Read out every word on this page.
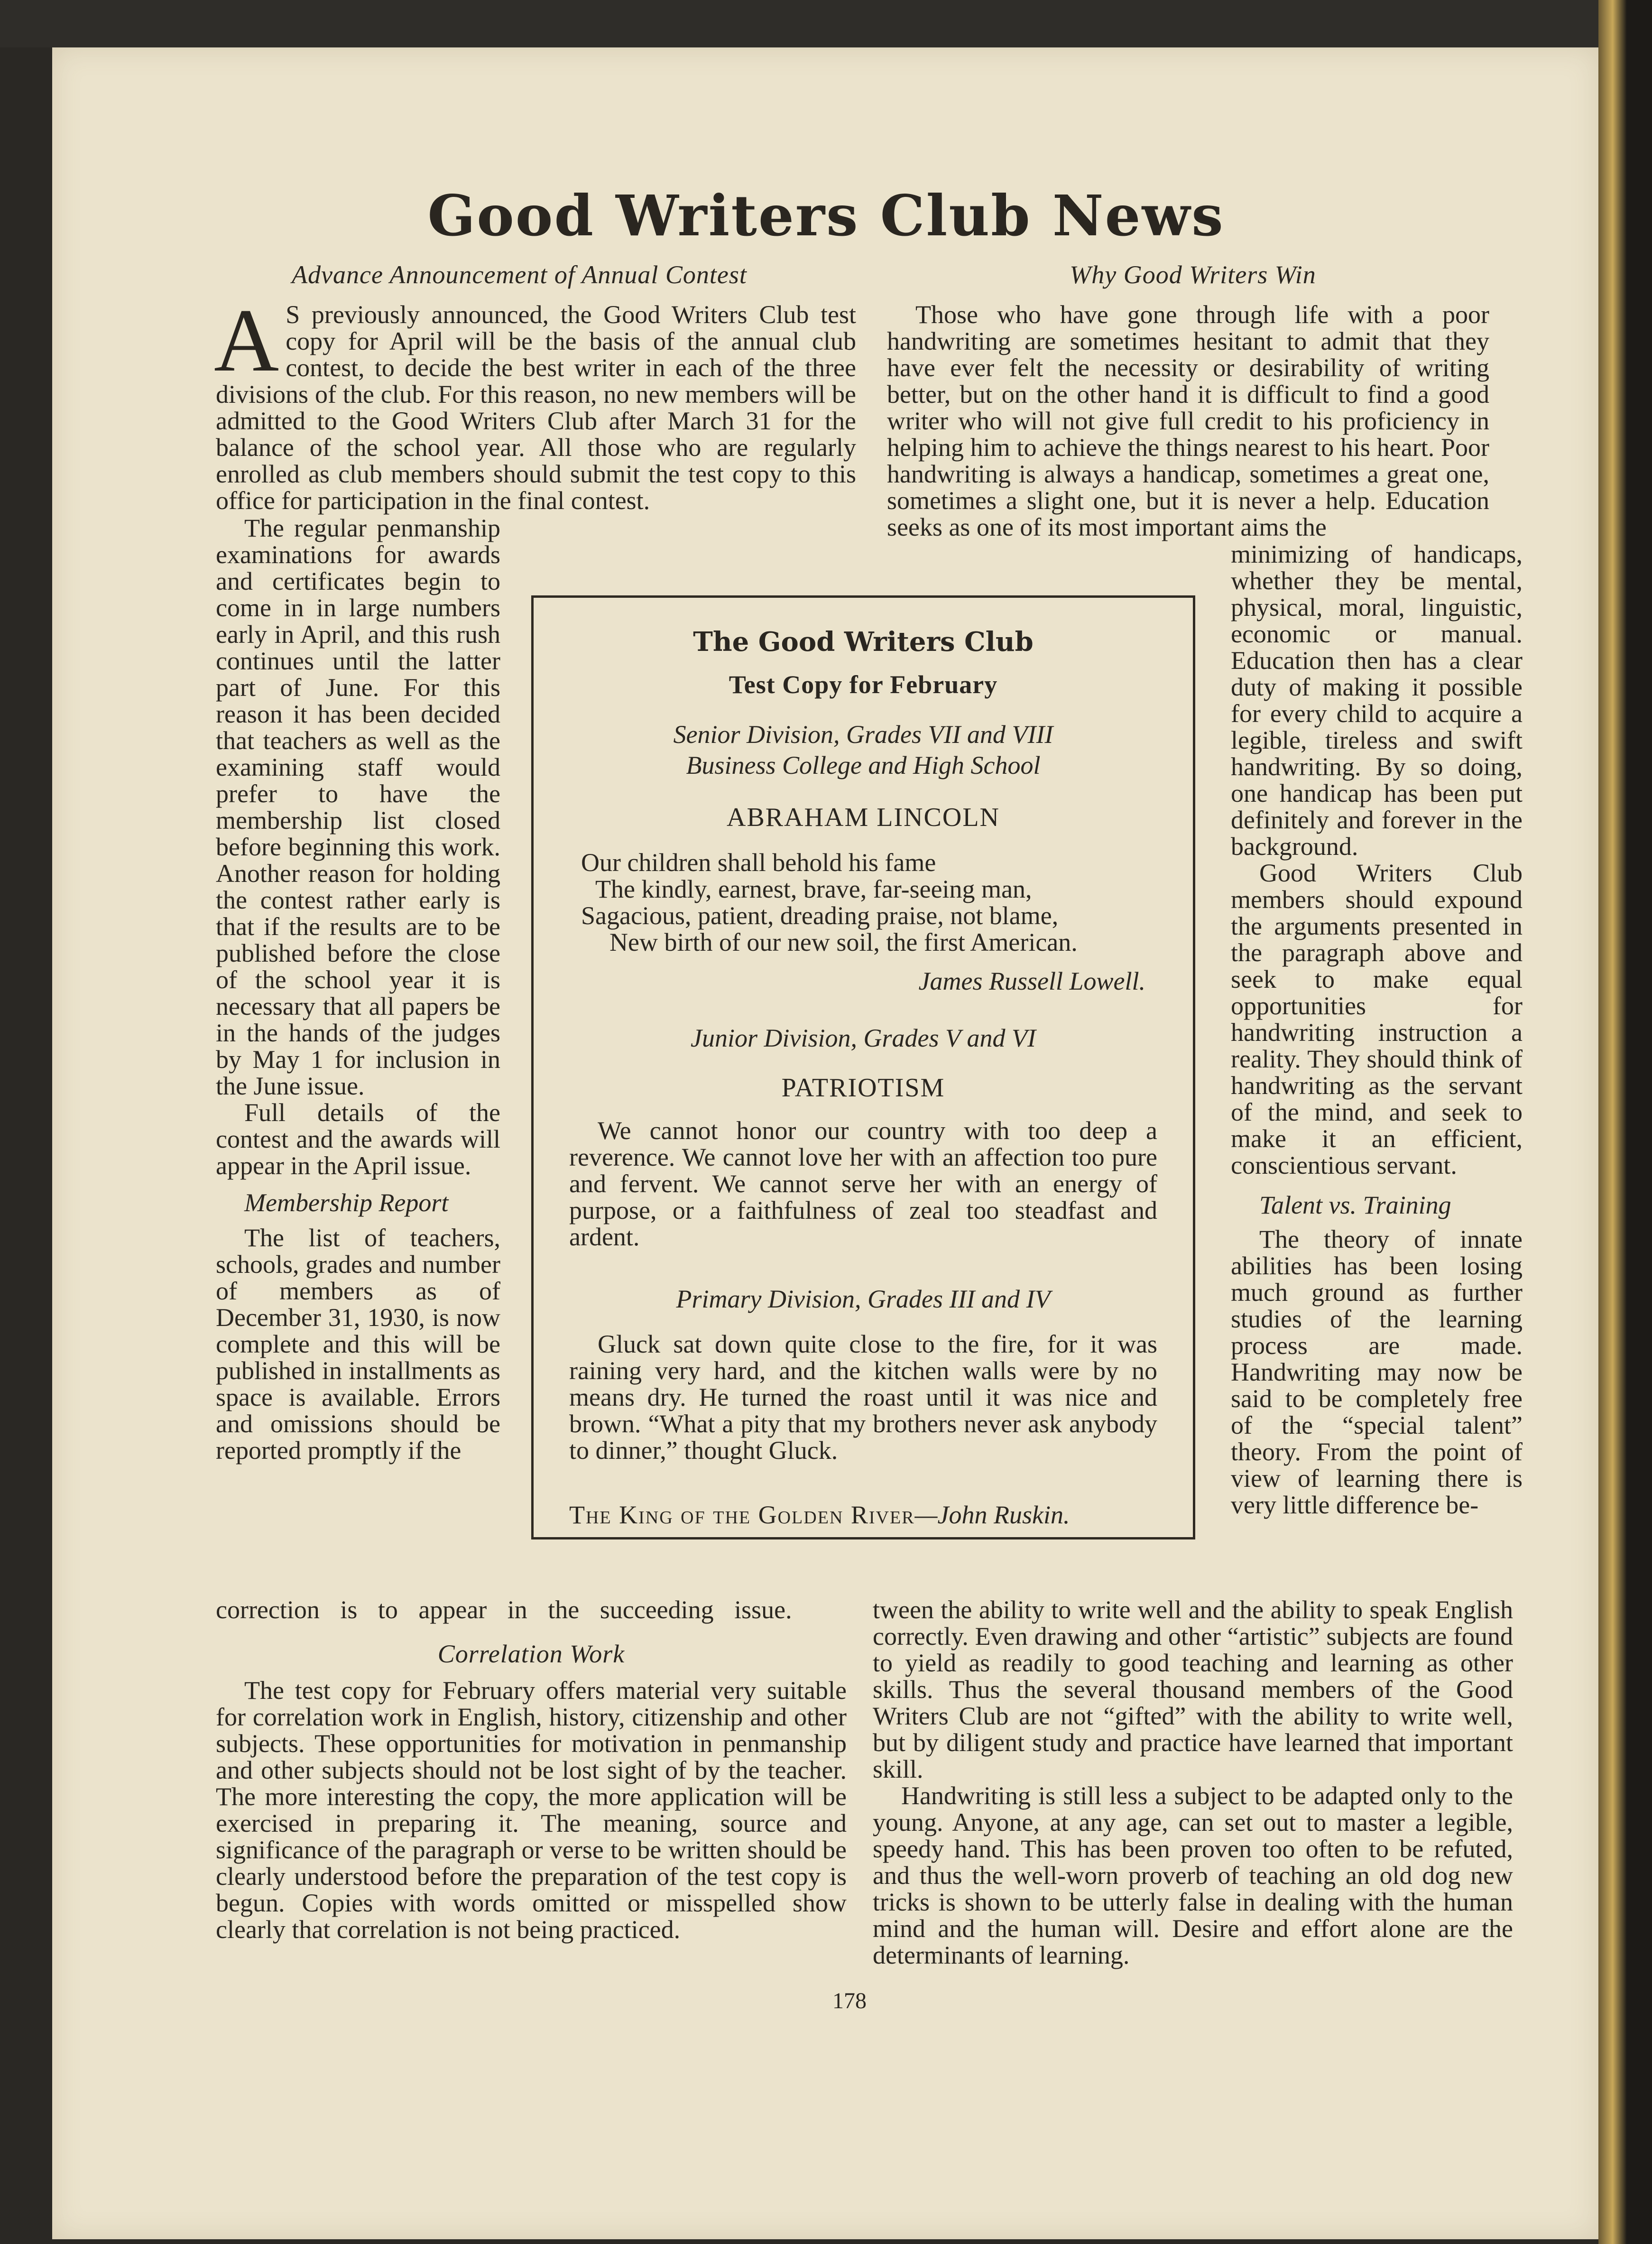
Good Writers Club News
Advance Announcement of Annual Contest

A S previously announced, the Good Writers Club test copy for April will be the basis of the annual club contest, to decide the best writer in each of the three divisions of the club. For this reason, no new members will be admitted to the Good Writers Club after March 31 for the balance of the school year. All those who are regularly enrolled as club members should submit the test copy to this office for participation in the final contest.

The regular penmanship examinations for awards and certificates begin to come in in large numbers early in April, and this rush continues until the latter part of June. For this reason it has been decided that teachers as well as the examining staff would prefer to have the membership list closed before beginning this work. Another reason for holding the contest rather early is that if the results are to be published before the close of the school year it is necessary that all papers be in the hands of the judges by May 1 for inclusion in the June issue.

Full details of the contest and the awards will appear in the April issue.

Membership Report

The list of teachers, schools, grades and number of members as of December 31, 1930, is now complete and this will be published in installments as space is available. Errors and omissions should be reported promptly if the

correction is to appear in the succeeding issue.
Correlation Work

The test copy for February offers material very suitable for correlation work in English, history, citizenship and other subjects. These opportunities for motivation in penmanship and other subjects should not be lost sight of by the teacher. The more interesting the copy, the more application will be exercised in preparing it. The meaning, source and significance of the paragraph or verse to be written should be clearly understood before the preparation of the test copy is begun. Copies with words omitted or misspelled show clearly that correlation is not being practiced.

The Good Writers Club
Test Copy for February
Senior Division, Grades VII and VIII
Business College and High School
ABRAHAM LINCOLN
Our children shall behold his fame
The kindly, earnest, brave, far-seeing man,
Sagacious, patient, dreading praise, not blame,
New birth of our new soil, the first American.
James Russell Lowell.
Junior Division, Grades V and VI
PATRIOTISM
We cannot honor our country with too deep a reverence. We cannot love her with an affection too pure and fervent. We cannot serve her with an energy of purpose, or a faithfulness of zeal too steadfast and ardent.
Primary Division, Grades III and IV
Gluck sat down quite close to the fire, for it was raining very hard, and the kitchen walls were by no means dry. He turned the roast until it was nice and brown. “What a pity that my brothers never ask anybody to dinner,” thought Gluck.
The King of the Golden River—John Ruskin.
Why Good Writers Win

Those who have gone through life with a poor handwriting are sometimes hesitant to admit that they have ever felt the necessity or desirability of writing better, but on the other hand it is difficult to find a good writer who will not give full credit to his proficiency in helping him to achieve the things nearest to his heart. Poor handwriting is always a handicap, sometimes a great one, sometimes a slight one, but it is never a help. Education seeks as one of its most important aims the

minimizing of handicaps, whether they be mental, physical, moral, linguistic, economic or manual. Education then has a clear duty of making it possible for every child to acquire a legible, tireless and swift handwriting. By so doing, one handicap has been put definitely and forever in the background.

Good Writers Club members should expound the arguments presented in the paragraph above and seek to make equal opportunities for handwriting instruction a reality. They should think of handwriting as the servant of the mind, and seek to make it an efficient, conscientious servant.

Talent vs. Training

The theory of innate abilities has been losing much ground as further studies of the learning process are made. Handwriting may now be said to be completely free of the “special talent” theory. From the point of view of learning there is very little difference be-

tween the ability to write well and the ability to speak English correctly. Even drawing and other “artistic” subjects are found to yield as readily to good teaching and learning as other skills. Thus the several thousand members of the Good Writers Club are not “gifted” with the ability to write well, but by diligent study and practice have learned that important skill.

Handwriting is still less a subject to be adapted only to the young. Anyone, at any age, can set out to master a legible, speedy hand. This has been proven too often to be refuted, and thus the well-worn proverb of teaching an old dog new tricks is shown to be utterly false in dealing with the human mind and the human will. Desire and effort alone are the determinants of learning.

178
